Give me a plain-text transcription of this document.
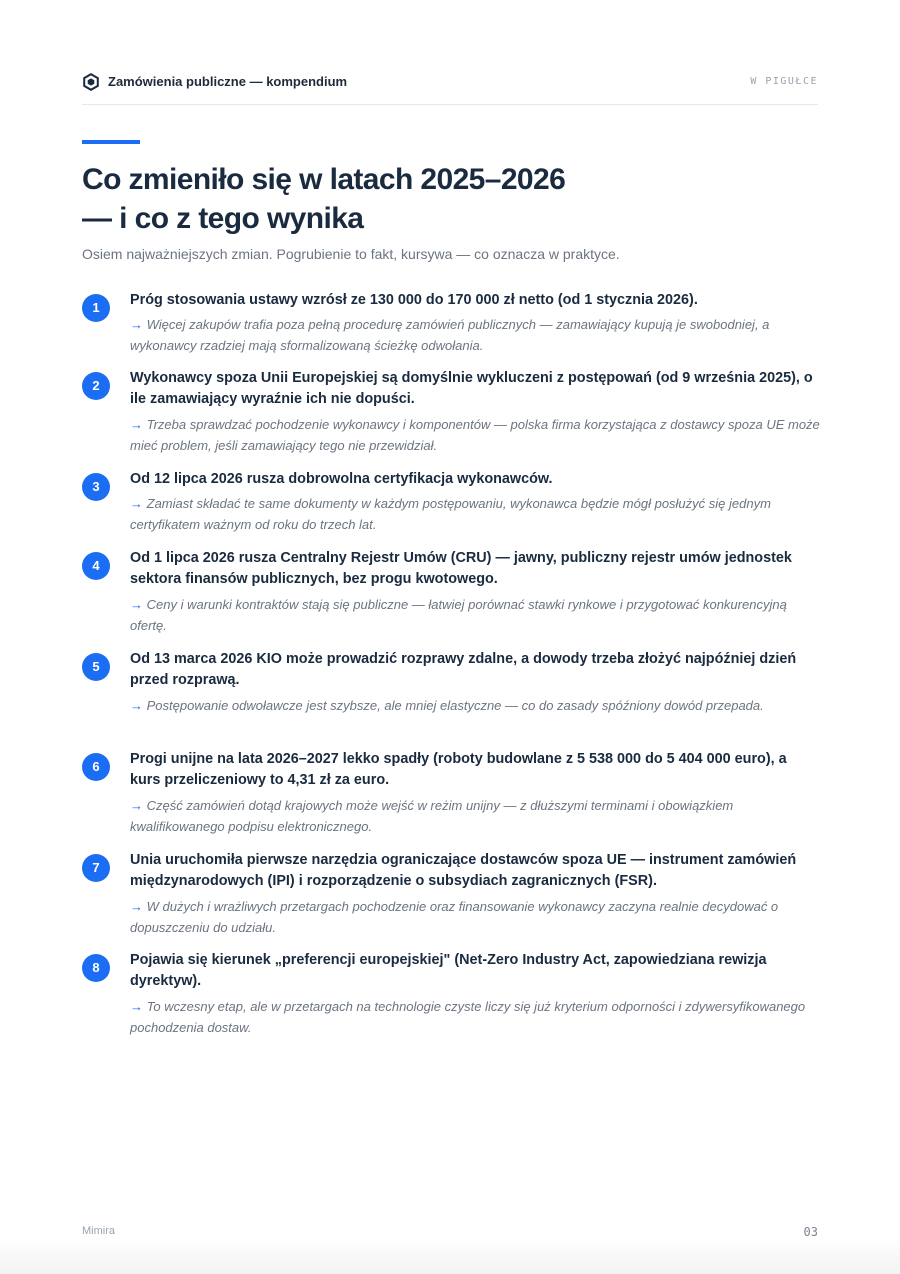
Zamówienia publiczne — kompendium	W PIGUŁCE
Co zmieniło się w latach 2025–2026 — i co z tego wynika
Osiem najważniejszych zmian. Pogrubienie to fakt, kursywa — co oznacza w praktyce.
1	Próg stosowania ustawy wzrósł ze 130 000 do 170 000 zł netto (od 1 stycznia 2026).
→ Więcej zakupów trafia poza pełną procedurę zamówień publicznych — zamawiający kupują je swobodniej, a wykonawcy rzadziej mają sformalizowaną ścieżkę odwołania.
2	Wykonawcy spoza Unii Europejskiej są domyślnie wykluczeni z postępowań (od 9 września 2025), o ile zamawiający wyraźnie ich nie dopuści.
→ Trzeba sprawdzać pochodzenie wykonawcy i komponentów — polska firma korzystająca z dostawcy spoza UE może mieć problem, jeśli zamawiający tego nie przewidział.
3	Od 12 lipca 2026 rusza dobrowolna certyfikacja wykonawców.
→ Zamiast składać te same dokumenty w każdym postępowaniu, wykonawca będzie mógł posłużyć się jednym certyfikatem ważnym od roku do trzech lat.
4	Od 1 lipca 2026 rusza Centralny Rejestr Umów (CRU) — jawny, publiczny rejestr umów jednostek sektora finansów publicznych, bez progu kwotowego.
→ Ceny i warunki kontraktów stają się publiczne — łatwiej porównać stawki rynkowe i przygotować konkurencyjną ofertę.
5	Od 13 marca 2026 KIO może prowadzić rozprawy zdalne, a dowody trzeba złożyć najpóźniej dzień przed rozprawą.
→ Postępowanie odwoławcze jest szybsze, ale mniej elastyczne — co do zasady spóźniony dowód przepada.
6	Progi unijne na lata 2026–2027 lekko spadły (roboty budowlane z 5 538 000 do 5 404 000 euro), a kurs przeliczeniowy to 4,31 zł za euro.
→ Część zamówień dotąd krajowych może wejść w reżim unijny — z dłuższymi terminami i obowiązkiem kwalifikowanego podpisu elektronicznego.
7	Unia uruchomiła pierwsze narzędzia ograniczające dostawców spoza UE — instrument zamówień międzynarodowych (IPI) i rozporządzenie o subsydiach zagranicznych (FSR).
→ W dużych i wrażliwych przetargach pochodzenie oraz finansowanie wykonawcy zaczyna realnie decydować o dopuszczeniu do udziału.
8	Pojawia się kierunek „preferencji europejskiej" (Net-Zero Industry Act, zapowiedziana rewizja dyrektyw).
→ To wczesny etap, ale w przetargach na technologie czyste liczy się już kryterium odporności i zdywersyfikowanego pochodzenia dostaw.
Mimira	03
